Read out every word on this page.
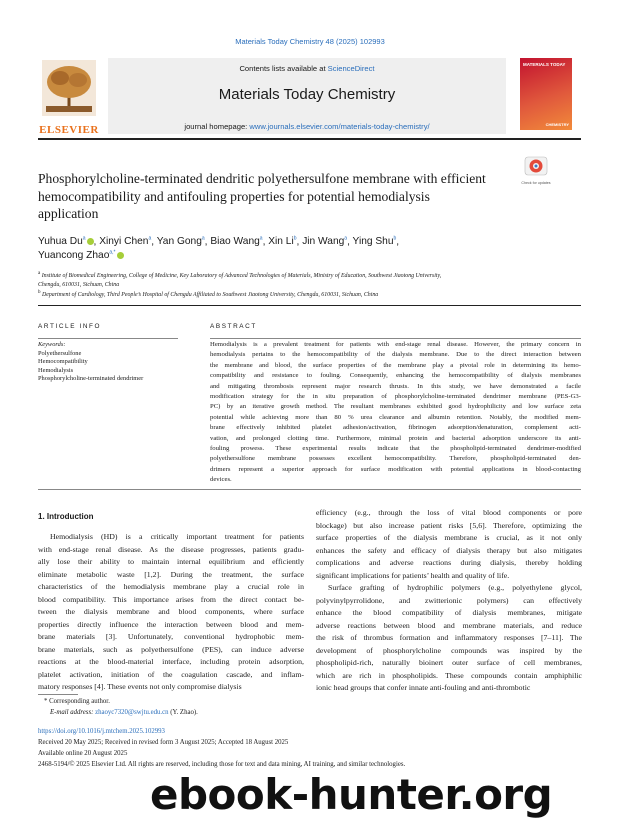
Materials Today Chemistry 48 (2025) 102993
ELSEVIER
Contents lists available at ScienceDirect
Materials Today Chemistry
journal homepage: www.journals.elsevier.com/materials-today-chemistry/
MATERIALS TODAY
CHEMISTRY
Phosphorylcholine-terminated dendritic polyethersulfone membrane with efficient hemocompatibility and antifouling properties for potential hemodialysis application
Check for updates
Yuhua Du$^a$ , Xinyi Chen$^a$, Yan Gong$^a$, Biao Wang$^a$, Xin Li$^b$, Jin Wang$^a$, Ying Shu$^b$,
Yuancong Zhao$^{a,*}$
$^a$ Institute of Biomedical Engineering, College of Medicine, Key Laboratory of Advanced Technologies of Materials, Ministry of Education, Southwest Jiaotong University,
Chengdu, 610031, Sichuan, China
$^b$ Department of Cardiology, Third People’s Hospital of Chengdu Affiliated to Southwest Jiaotong University, Chengdu, 610031, Sichuan, China
ARTICLE INFO
Keywords:
Polyethersulfone
Hemocompatibility
Hemodialysis
Phosphorylcholine-terminated dendrimer
ABSTRACT
Hemodialysis is a prevalent treatment for patients with end-stage renal disease. However, the primary concern in
hemodialysis pertains to the hemocompatibility of the dialysis membrane. Due to the direct interaction between
the membrane and blood, the surface properties of the membrane play a pivotal role in determining its hemo-
compatibility and resistance to fouling. Consequently, enhancing the hemocompatibility of dialysis membranes
and mitigating thrombosis represent major research thrusts. In this study, we have demonstrated a facile
modification strategy for the in situ preparation of phosphorylcholine-terminated dendrimer membrane (PES-G3-
PC) by an iterative growth method. The resultant membranes exhibited good hydrophilicity and low surface zeta
potential while achieving more than 80 % urea clearance and albumin retention. Notably, the modified mem-
brane effectively inhibited platelet adhesion/activation, fibrinogen adsorption/denaturation, complement acti-
vation, and prolonged clotting time. Furthermore, minimal protein and bacterial adsorption underscore its anti-
fouling prowess. These experimental results indicate that the phospholipid-terminated dendrimer-modified
polyethersulfone membrane possesses excellent hemocompatibility. Therefore, phospholipid-terminated den-
drimers represent a superior approach for surface modification with potential applications in blood-contacting
devices.
1. Introduction
Hemodialysis (HD) is a critically important treatment for patients
with end-stage renal disease. As the disease progresses, patients gradu-
ally lose their ability to maintain internal equilibrium and efficiently
eliminate metabolic waste [1,2]. During the treatment, the surface
characteristics of the hemodialysis membrane play a crucial role in
blood compatibility. This importance arises from the direct contact be-
tween the dialysis membrane and blood components, where surface
properties directly influence the interaction between blood and mem-
brane materials [3]. Unfortunately, conventional hydrophobic mem-
brane materials, such as polyethersulfone (PES), can induce adverse
reactions at the blood-material interface, including protein adsorption,
platelet activation, initiation of the coagulation cascade, and inflam-
matory responses [4]. These events not only compromise dialysis
efficiency (e.g., through the loss of vital blood components or pore
blockage) but also increase patient risks [5,6]. Therefore, optimizing the
surface properties of the dialysis membrane is crucial, as it not only
enhances the safety and efficacy of dialysis therapy but also mitigates
complications and adverse reactions during dialysis, thereby holding
significant implications for patients’ health and quality of life.
Surface grafting of hydrophilic polymers (e.g., polyethylene glycol,
polyvinylpyrrolidone, and zwitterionic polymers) can effectively
enhance the blood compatibility of dialysis membranes, mitigate
adverse reactions between blood and membrane materials, and reduce
the risk of thrombus formation and inflammatory responses [7–11]. The
development of phosphorylcholine compounds was inspired by the
phospholipid-rich, naturally bioinert outer surface of cell membranes,
which are rich in phospholipids. These compounds contain amphiphilic
ionic head groups that confer innate anti-fouling and anti-thrombotic
* Corresponding author.
E-mail address: zhaoyc7320@swjtu.edu.cn (Y. Zhao).
https://doi.org/10.1016/j.mtchem.2025.102993
Received 20 May 2025; Received in revised form 3 August 2025; Accepted 18 August 2025
Available online 20 August 2025
2468-5194/© 2025 Elsevier Ltd. All rights are reserved, including those for text and data mining, AI training, and similar technologies.
ebook-hunter.org
